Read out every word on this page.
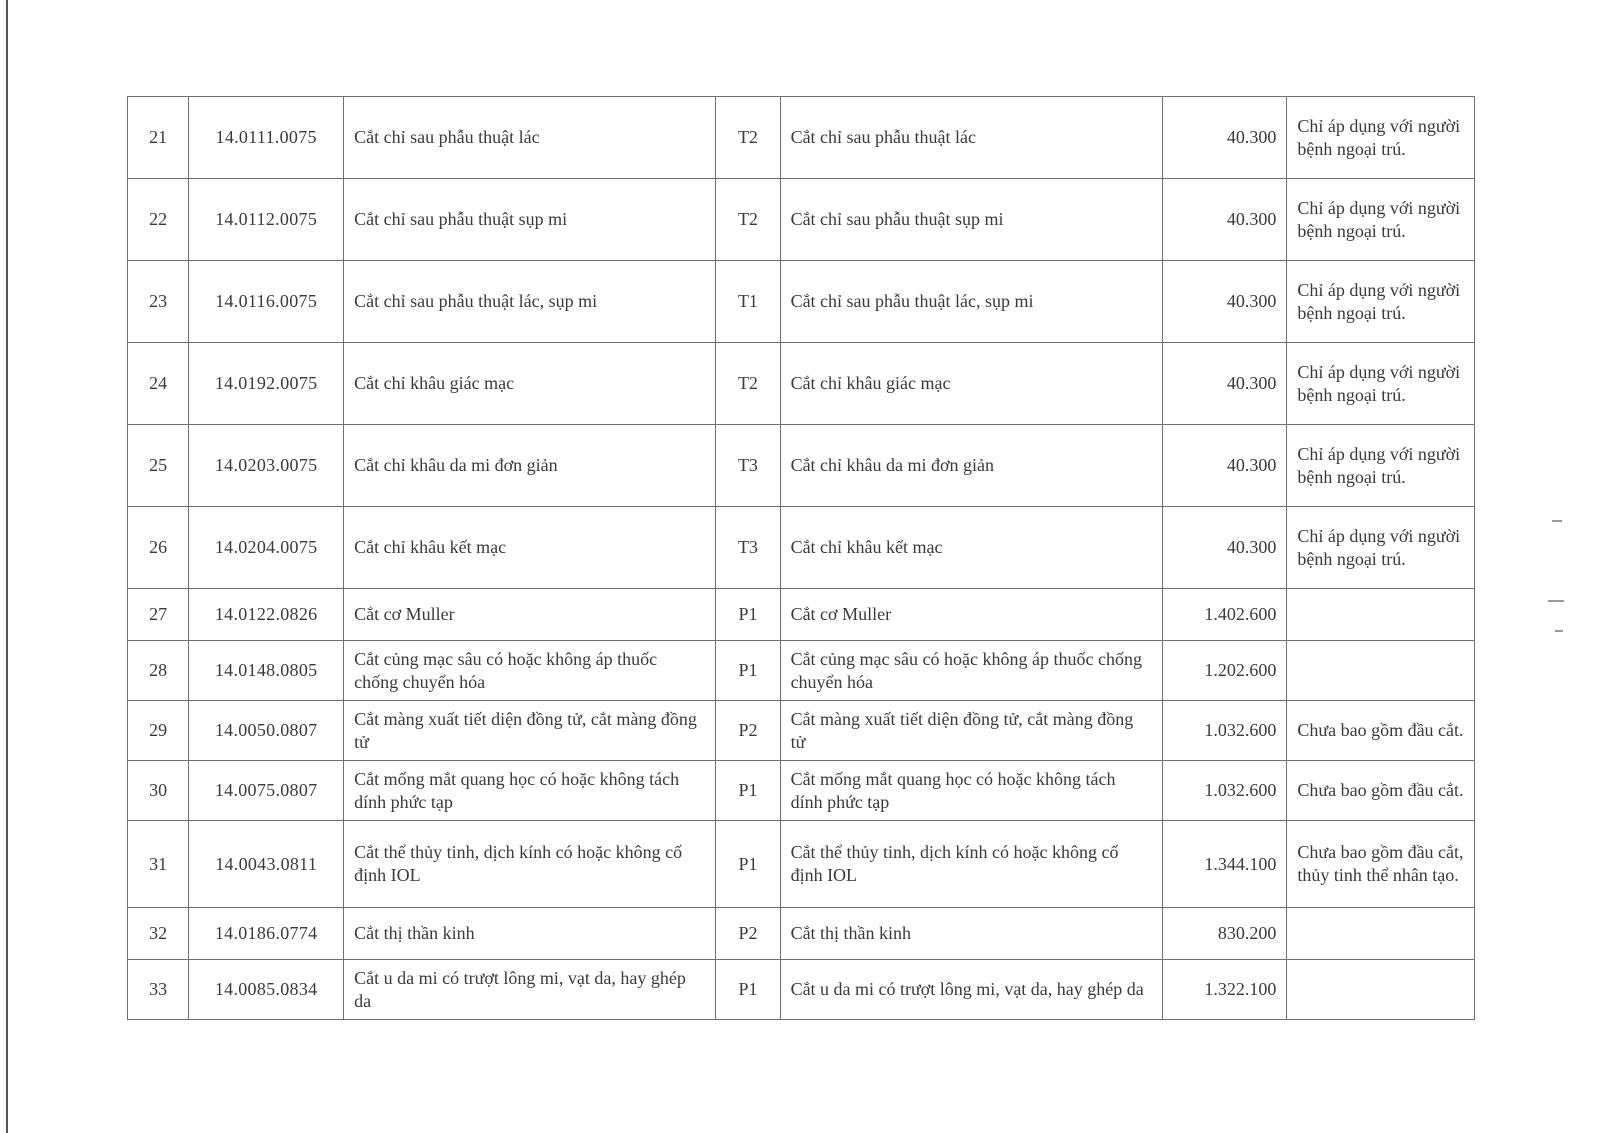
21	14.0111.0075	Cắt chỉ sau phẫu thuật lác	T2	Cắt chỉ sau phẫu thuật lác	40.300	Chỉ áp dụng với người bệnh ngoại trú.
22	14.0112.0075	Cắt chỉ sau phẫu thuật sụp mi	T2	Cắt chỉ sau phẫu thuật sụp mi	40.300	Chỉ áp dụng với người bệnh ngoại trú.
23	14.0116.0075	Cắt chỉ sau phẫu thuật lác, sụp mi	T1	Cắt chỉ sau phẫu thuật lác, sụp mi	40.300	Chỉ áp dụng với người bệnh ngoại trú.
24	14.0192.0075	Cắt chỉ khâu giác mạc	T2	Cắt chỉ khâu giác mạc	40.300	Chỉ áp dụng với người bệnh ngoại trú.
25	14.0203.0075	Cắt chỉ khâu da mi đơn giản	T3	Cắt chỉ khâu da mi đơn giản	40.300	Chỉ áp dụng với người bệnh ngoại trú.
26	14.0204.0075	Cắt chỉ khâu kết mạc	T3	Cắt chỉ khâu kết mạc	40.300	Chỉ áp dụng với người bệnh ngoại trú.
27	14.0122.0826	Cắt cơ Muller	P1	Cắt cơ Muller	1.402.600	
28	14.0148.0805	Cắt củng mạc sâu có hoặc không áp thuốc chống chuyển hóa	P1	Cắt củng mạc sâu có hoặc không áp thuốc chống chuyển hóa	1.202.600	
29	14.0050.0807	Cắt màng xuất tiết diện đồng tử, cắt màng đồng tử	P2	Cắt màng xuất tiết diện đồng tử, cắt màng đồng tử	1.032.600	Chưa bao gồm đầu cắt.
30	14.0075.0807	Cắt mống mắt quang học có hoặc không tách dính phức tạp	P1	Cắt mống mắt quang học có hoặc không tách dính phức tạp	1.032.600	Chưa bao gồm đầu cắt.
31	14.0043.0811	Cắt thể thủy tinh, dịch kính có hoặc không cố định IOL	P1	Cắt thể thủy tinh, dịch kính có hoặc không cố định IOL	1.344.100	Chưa bao gồm đầu cắt, thủy tinh thể nhân tạo.
32	14.0186.0774	Cắt thị thần kinh	P2	Cắt thị thần kinh	830.200	
33	14.0085.0834	Cắt u da mi có trượt lông mi, vạt da, hay ghép da	P1	Cắt u da mi có trượt lông mi, vạt da, hay ghép da	1.322.100	
